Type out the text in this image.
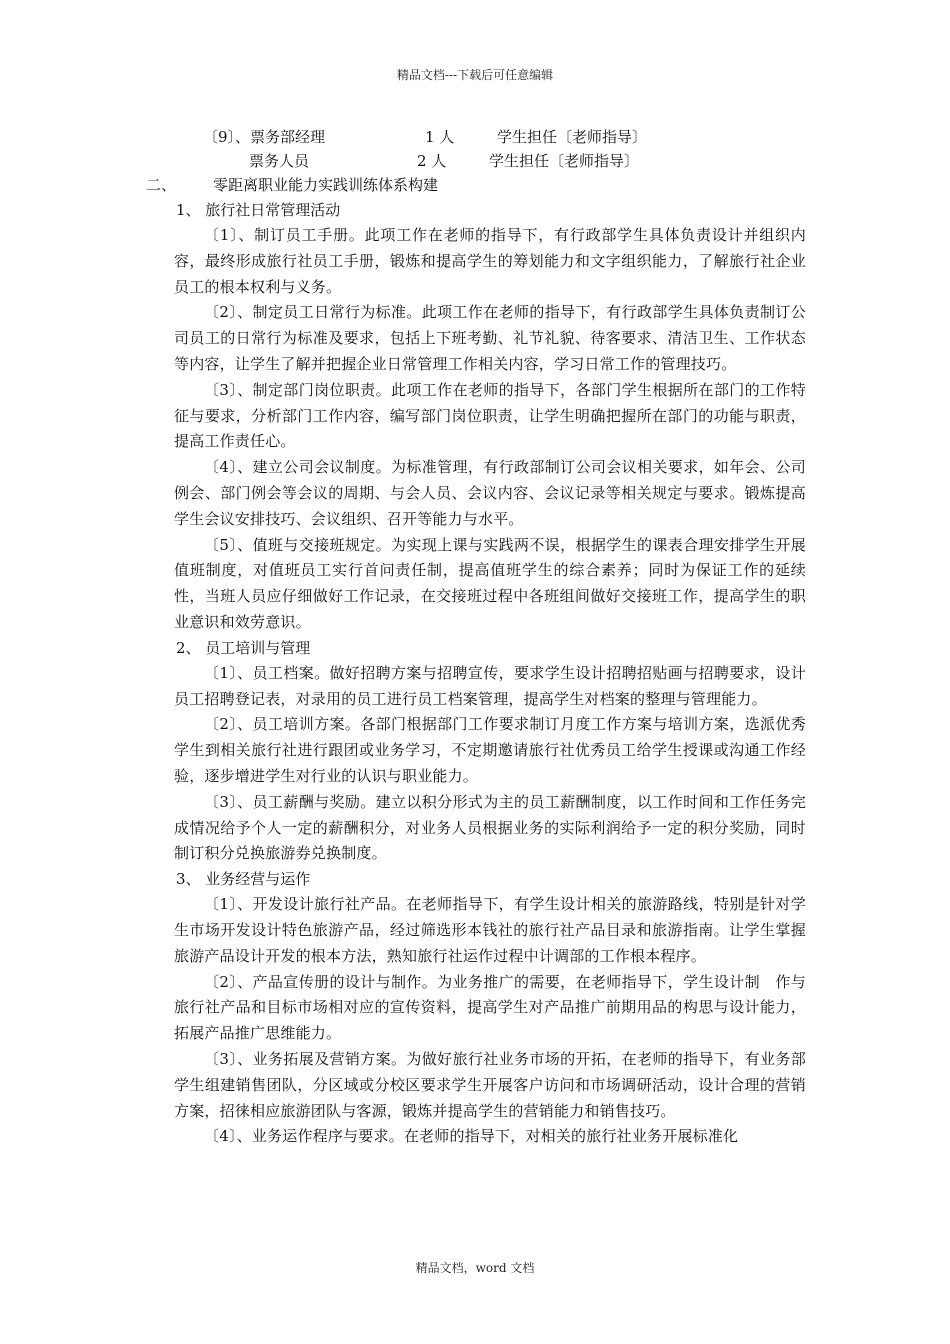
精品文档---下载后可任意编辑
〔9〕、票务部经理	1 人	学生担任〔老师指导〕
票务人员	2 人	学生担任〔老师指导〕
二、 零距离职业能力实践训练体系构建
1、 旅行社日常管理活动

〔1〕、制订员工手册。此项工作在老师的指导下，有行政部学生具体负责设计并组织内容，最终形成旅行社员工手册，锻炼和提高学生的筹划能力和文字组织能力，了解旅行社企业员工的根本权利与义务。

〔2〕、制定员工日常行为标准。此项工作在老师的指导下，有行政部学生具体负责制订公司员工的日常行为标准及要求，包括上下班考勤、礼节礼貌、待客要求、清洁卫生、工作状态等内容，让学生了解并把握企业日常管理工作相关内容，学习日常工作的管理技巧。

〔3〕、制定部门岗位职责。此项工作在老师的指导下，各部门学生根据所在部门的工作特征与要求，分析部门工作内容，编写部门岗位职责，让学生明确把握所在部门的功能与职责，提高工作责任心。

〔4〕、建立公司会议制度。为标准管理，有行政部制订公司会议相关要求，如年会、公司例会、部门例会等会议的周期、与会人员、会议内容、会议记录等相关规定与要求。锻炼提高学生会议安排技巧、会议组织、召开等能力与水平。

〔5〕、值班与交接班规定。为实现上课与实践两不误，根据学生的课表合理安排学生开展值班制度，对值班员工实行首问责任制，提高值班学生的综合素养；同时为保证工作的延续性，当班人员应仔细做好工作记录，在交接班过程中各班组间做好交接班工作，提高学生的职业意识和效劳意识。

2、 员工培训与管理

〔1〕、员工档案。做好招聘方案与招聘宣传，要求学生设计招聘招贴画与招聘要求，设计员工招聘登记表，对录用的员工进行员工档案管理，提高学生对档案的整理与管理能力。

〔2〕、员工培训方案。各部门根据部门工作要求制订月度工作方案与培训方案，选派优秀学生到相关旅行社进行跟团或业务学习，不定期邀请旅行社优秀员工给学生授课或沟通工作经验，逐步增进学生对行业的认识与职业能力。

〔3〕、员工薪酬与奖励。建立以积分形式为主的员工薪酬制度，以工作时间和工作任务完成情况给予个人一定的薪酬积分，对业务人员根据业务的实际利润给予一定的积分奖励，同时制订积分兑换旅游券兑换制度。

3、 业务经营与运作

〔1〕、开发设计旅行社产品。在老师指导下，有学生设计相关的旅游路线，特别是针对学生市场开发设计特色旅游产品，经过筛选形本钱社的旅行社产品目录和旅游指南。让学生掌握旅游产品设计开发的根本方法，熟知旅行社运作过程中计调部的工作根本程序。

〔2〕、产品宣传册的设计与制作。为业务推广的需要，在老师指导下，学生设计制　作与旅行社产品和目标市场相对应的宣传资料，提高学生对产品推广前期用品的构思与设计能力，拓展产品推广思维能力。

〔3〕、业务拓展及营销方案。为做好旅行社业务市场的开拓，在老师的指导下，有业务部学生组建销售团队，分区域或分校区要求学生开展客户访问和市场调研活动，设计合理的营销方案，招徕相应旅游团队与客源，锻炼并提高学生的营销能力和销售技巧。

〔4〕、业务运作程序与要求。在老师的指导下，对相关的旅行社业务开展标准化

精品文档，word 文档
